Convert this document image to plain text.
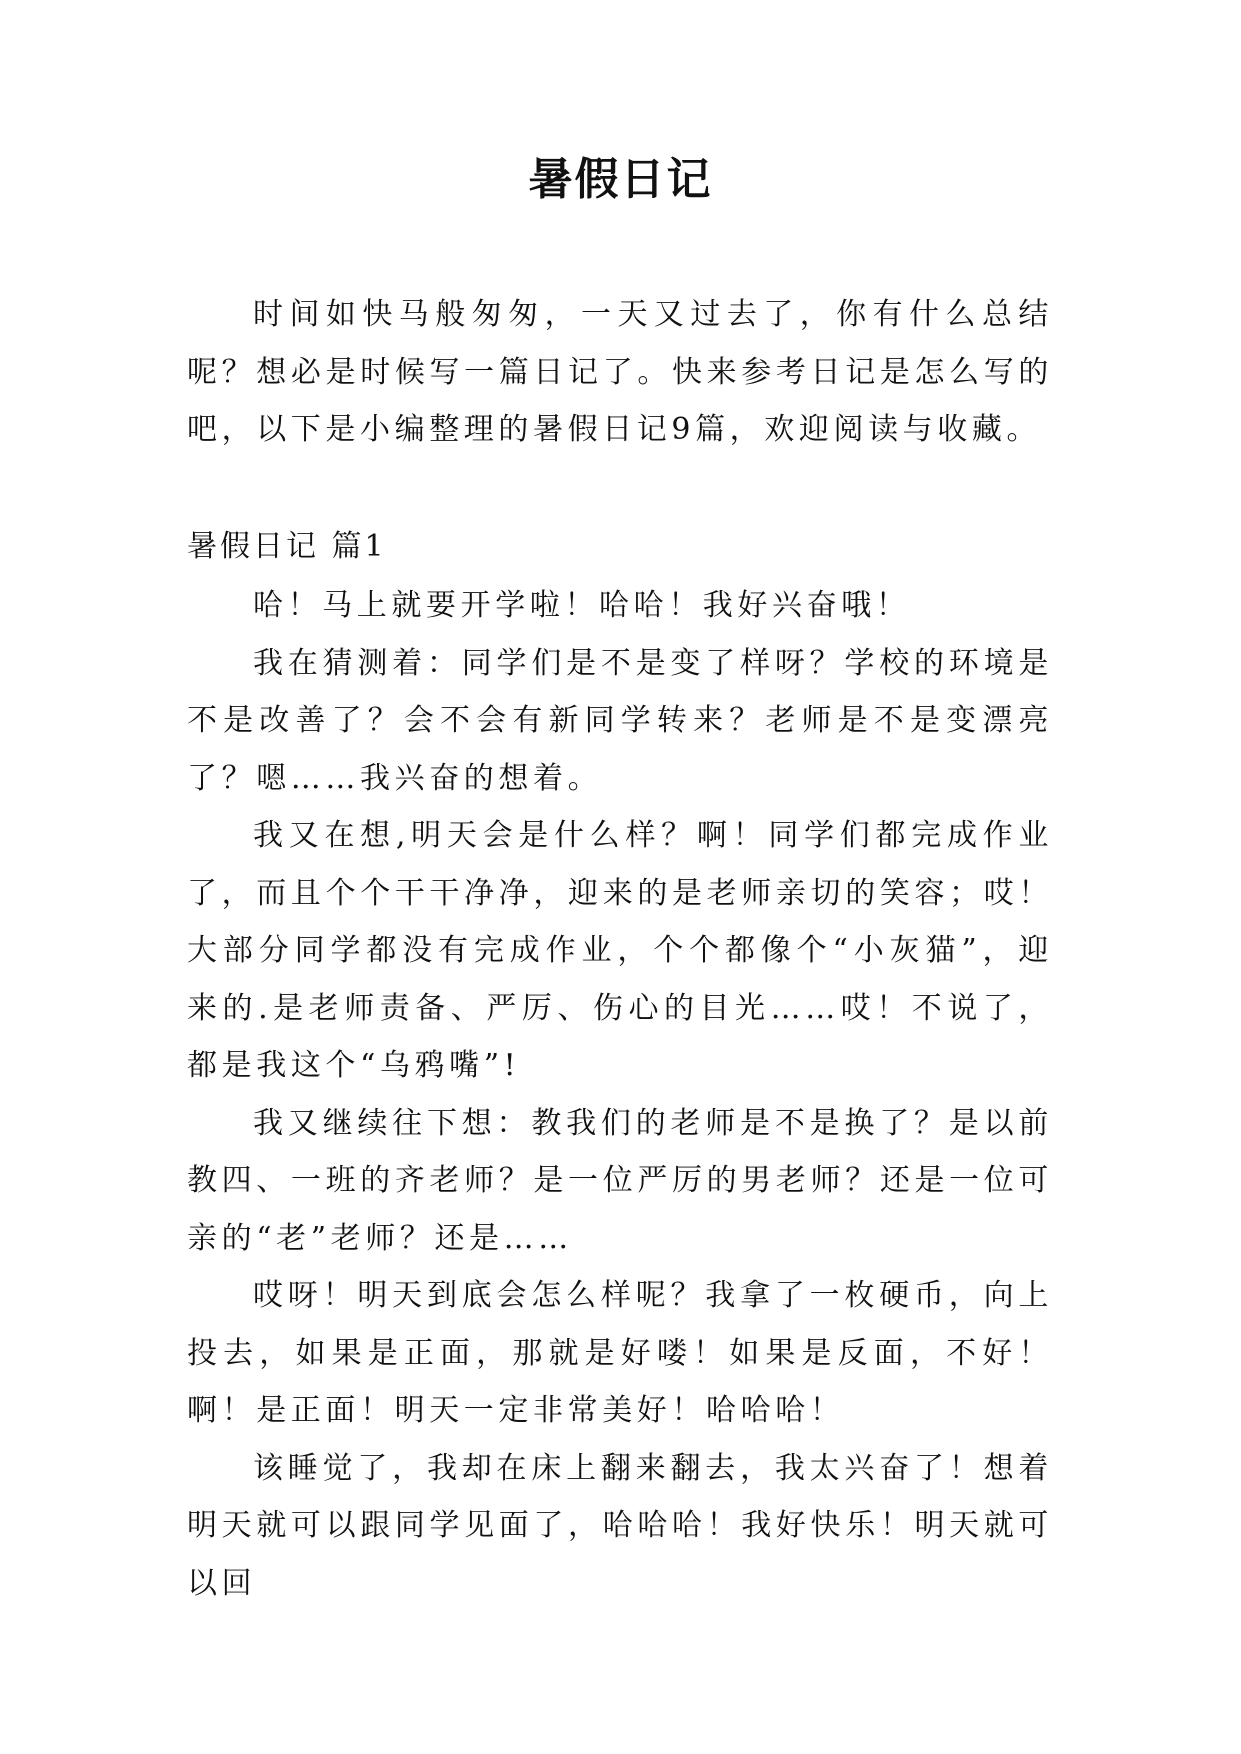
暑假日记

时间如快马般匆匆，一天又过去了，你有什么总结呢？想必是时候写一篇日记了。快来参考日记是怎么写的吧，以下是小编整理的暑假日记9篇，欢迎阅读与收藏。

暑假日记 篇1

哈！马上就要开学啦！哈哈！我好兴奋哦！

我在猜测着：同学们是不是变了样呀？学校的环境是不是改善了？会不会有新同学转来？老师是不是变漂亮了？嗯……我兴奋的想着。

我又在想,明天会是什么样？啊！同学们都完成作业了，而且个个干干净净，迎来的是老师亲切的笑容；哎！大部分同学都没有完成作业，个个都像个“小灰猫”，迎来的.是老师责备、严厉、伤心的目光……哎！不说了，都是我这个“乌鸦嘴”!

我又继续往下想：教我们的老师是不是换了？是以前教四、一班的齐老师？是一位严厉的男老师？还是一位可亲的“老”老师？还是……

哎呀！明天到底会怎么样呢？我拿了一枚硬币，向上投去，如果是正面，那就是好喽！如果是反面，不好！啊！是正面！明天一定非常美好！哈哈哈！

该睡觉了，我却在床上翻来翻去，我太兴奋了！想着明天就可以跟同学见面了，哈哈哈！我好快乐！明天就可以回
